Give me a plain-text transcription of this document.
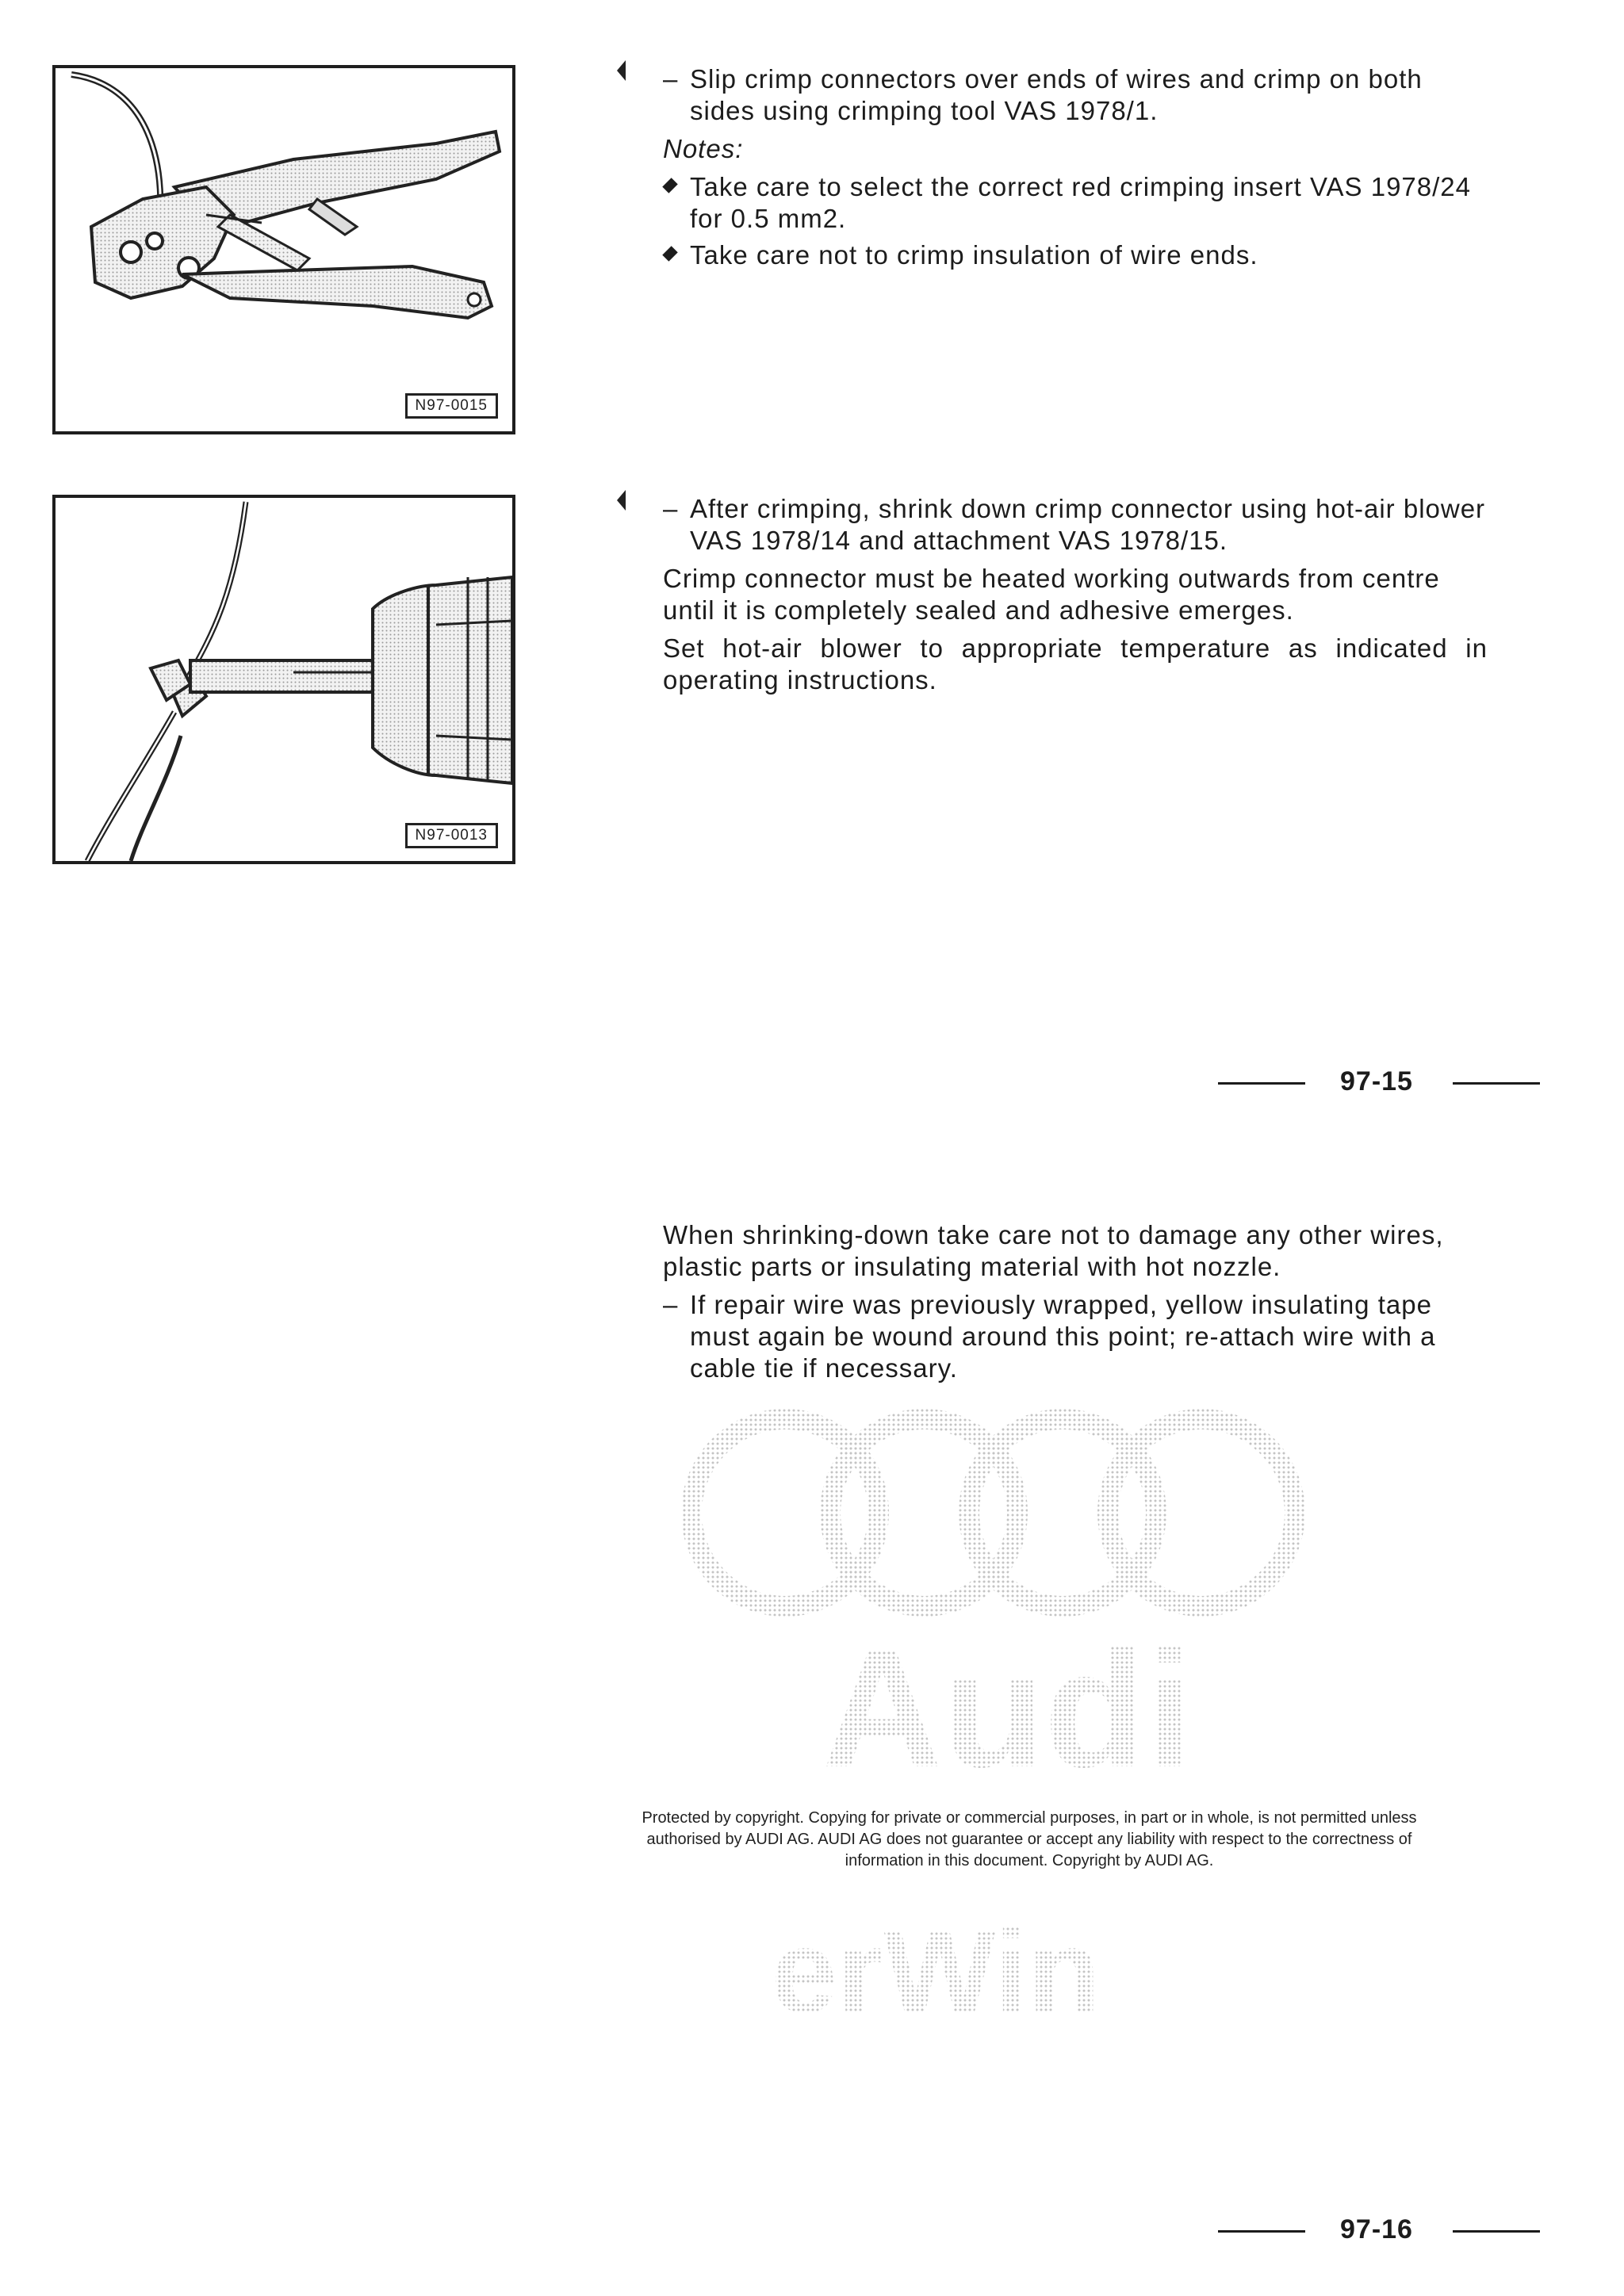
N97-0015
– Slip crimp connectors over ends of wires and crimp on both sides using crimping tool VAS 1978/1.
Notes:
Take care to select the correct red crimping insert VAS 1978/24 for 0.5 mm2.
Take care not to crimp insulation of wire ends.
N97-0013
– After crimping, shrink down crimp connector using hot-air blower VAS 1978/14 and attachment VAS 1978/15.

Crimp connector must be heated working outwards from centre until it is completely sealed and adhesive emerges.

Set hot-air blower to appropriate temperature as indicated in operating instructions.

97-15

When shrinking-down take care not to damage any other wires, plastic parts or insulating material with hot nozzle.

– If repair wire was previously wrapped, yellow insulating tape must again be wound around this point; re-attach wire with a cable tie if necessary.
Audi
erWin
Protected by copyright. Copying for private or commercial purposes, in part or in whole, is not permitted unless authorised by AUDI AG. AUDI AG does not guarantee or accept any liability with respect to the correctness of information in this document. Copyright by AUDI AG.
97-16
